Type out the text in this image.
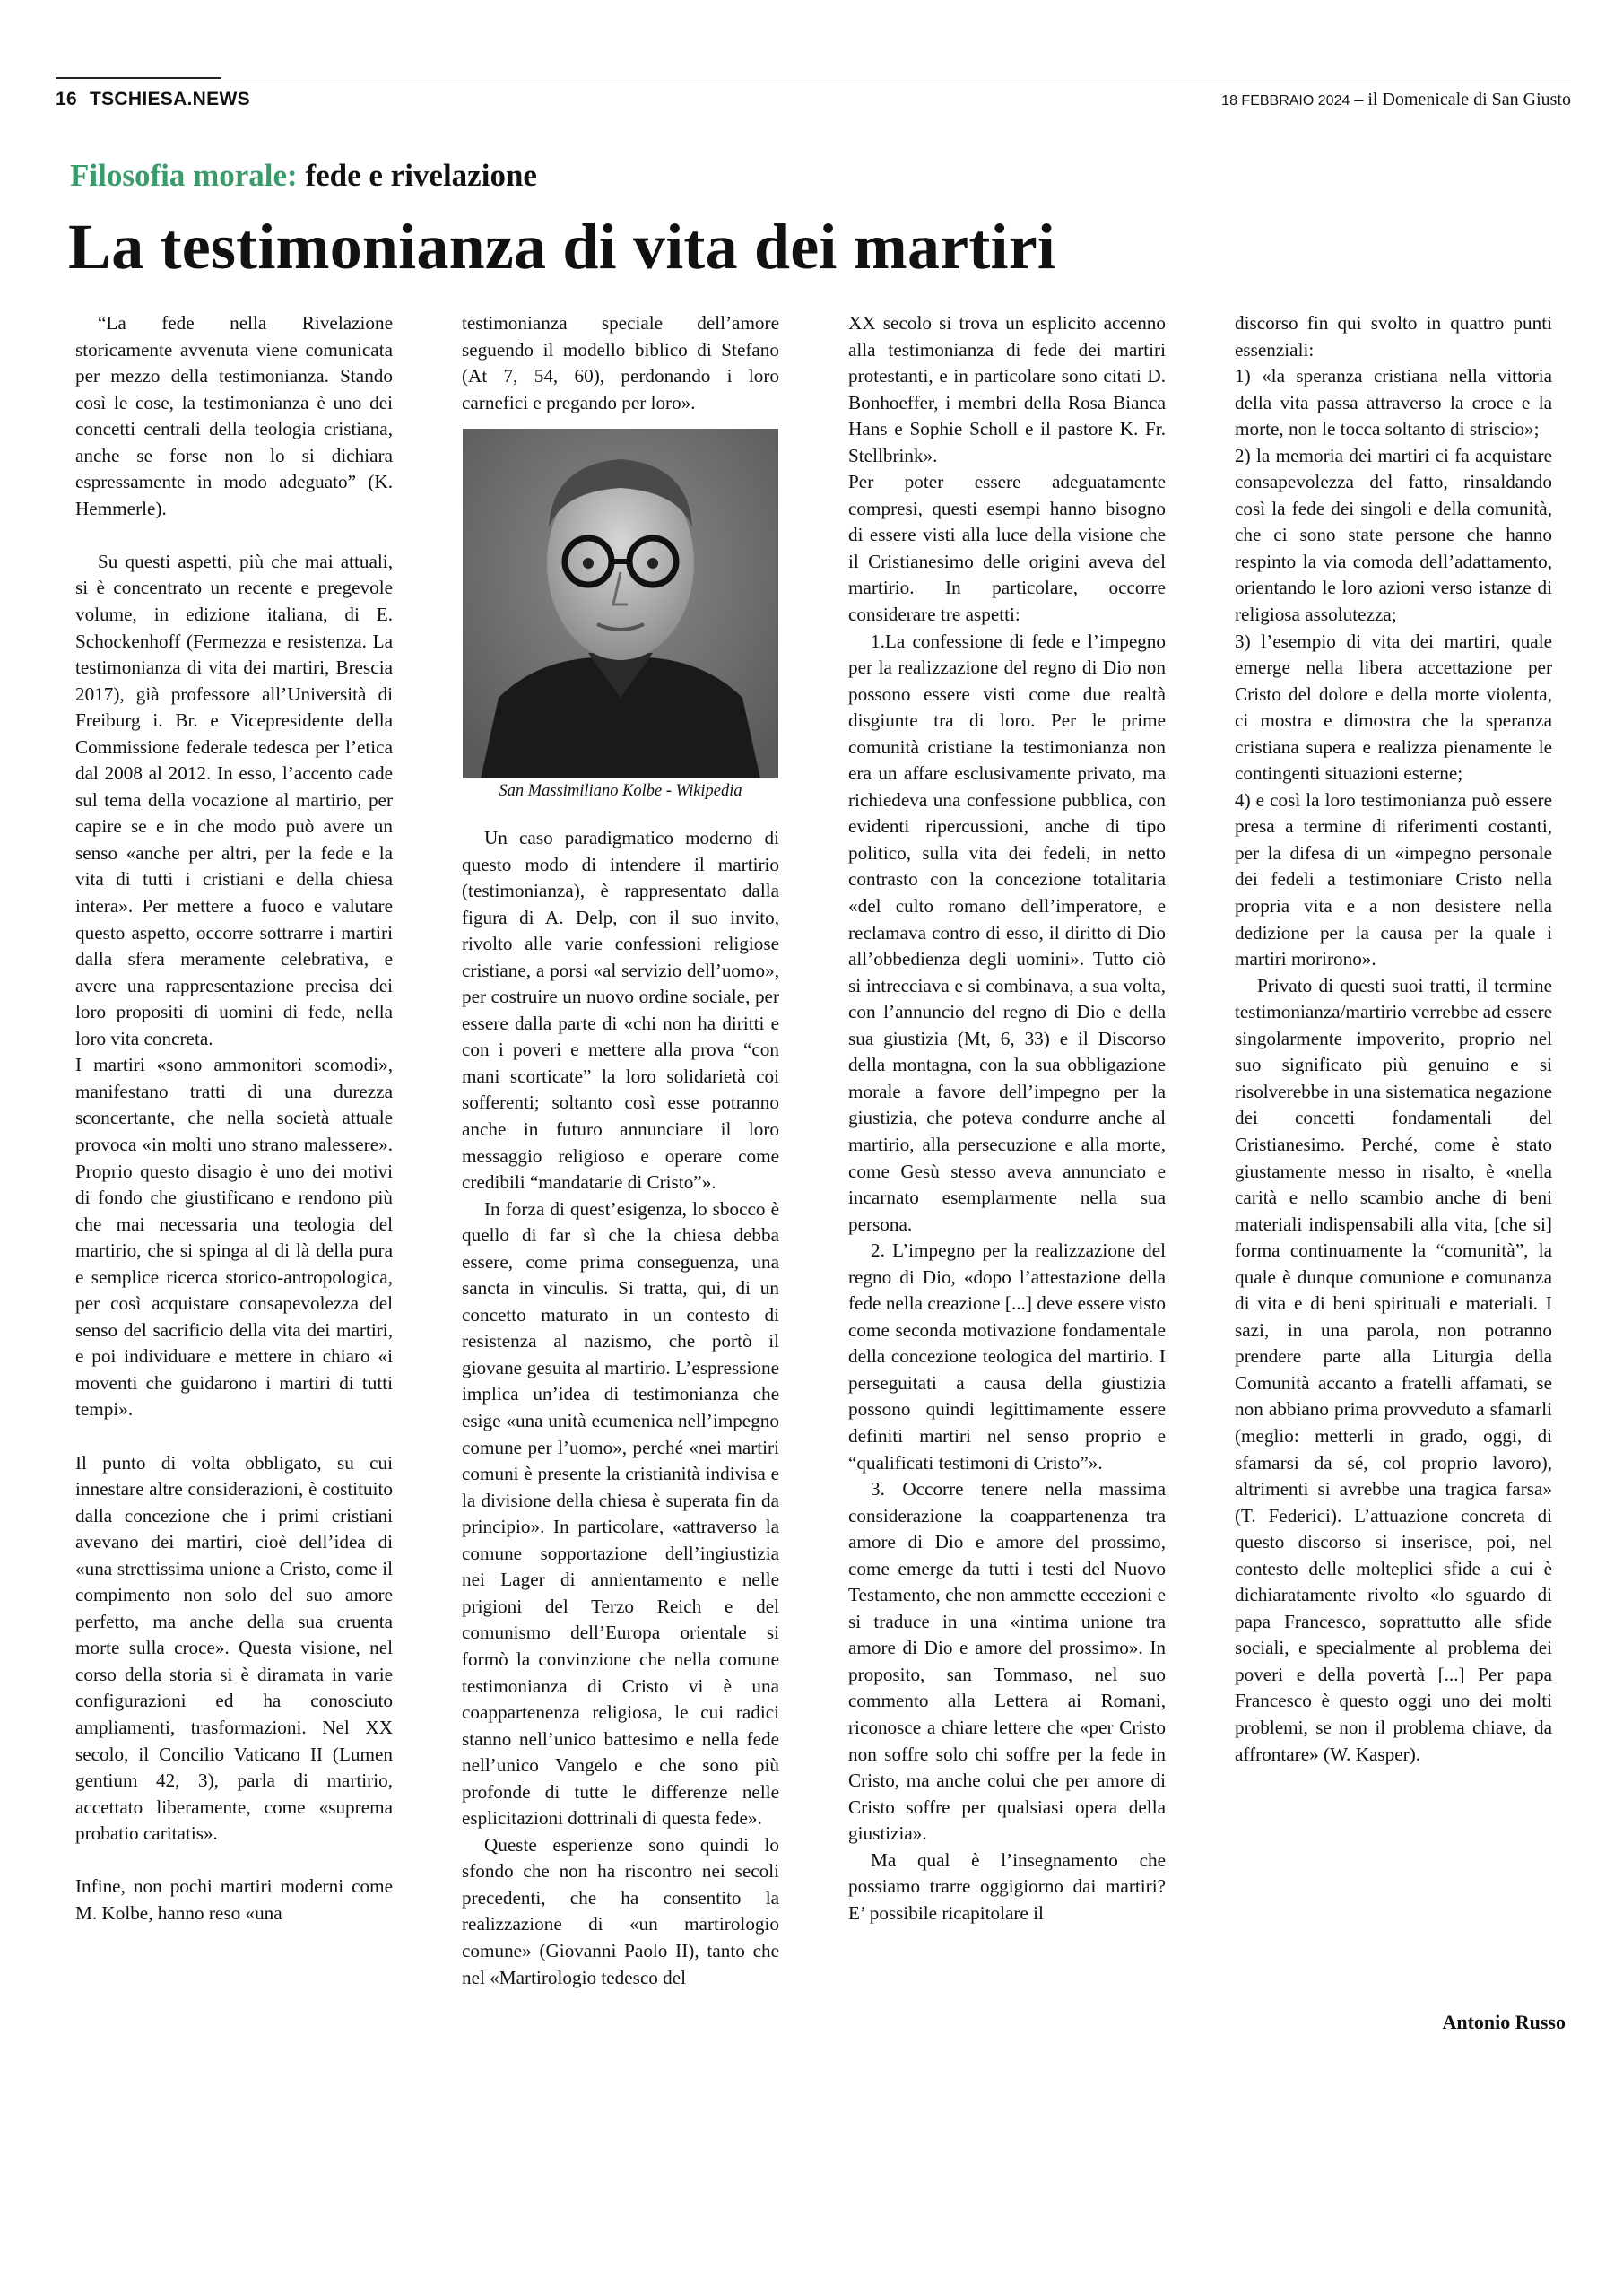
16 TSCHIESA.NEWS	18 FEBBRAIO 2024 – il Domenicale di San Giusto
Filosofia morale: fede e rivelazione
La testimonianza di vita dei martiri

“La fede nella Rivelazione storicamente avvenuta viene comunicata per mezzo della testimonianza. Stando così le cose, la testimonianza è uno dei concetti centrali della teologia cristiana, anche se forse non lo si dichiara espressamente in modo adeguato” (K. Hemmerle).

Su questi aspetti, più che mai attuali, si è concentrato un recente e pregevole volume, in edizione italiana, di E. Schockenhoff (Fermezza e resistenza. La testimonianza di vita dei martiri, Brescia 2017), già professore all’Università di Freiburg i. Br. e Vicepresidente della Commissione federale tedesca per l’etica dal 2008 al 2012. In esso, l’accento cade sul tema della vocazione al martirio, per capire se e in che modo può avere un senso «anche per altri, per la fede e la vita di tutti i cristiani e della chiesa intera». Per mettere a fuoco e valutare questo aspetto, occorre sottrarre i martiri dalla sfera meramente celebrativa, e avere una rappresentazione precisa dei loro propositi di uomini di fede, nella loro vita concreta.

I martiri «sono ammonitori scomodi», manifestano tratti di una durezza sconcertante, che nella società attuale provoca «in molti uno strano malessere». Proprio questo disagio è uno dei motivi di fondo che giustificano e rendono più che mai necessaria una teologia del martirio, che si spinga al di là della pura e semplice ricerca storico-antropologica, per così acquistare consapevolezza del senso del sacrificio della vita dei martiri, e poi individuare e mettere in chiaro «i moventi che guidarono i martiri di tutti tempi».

Il punto di volta obbligato, su cui innestare altre considerazioni, è costituito dalla concezione che i primi cristiani avevano dei martiri, cioè dell’idea di «una strettissima unione a Cristo, come il compimento non solo del suo amore perfetto, ma anche della sua cruenta morte sulla croce». Questa visione, nel corso della storia si è diramata in varie configurazioni ed ha conosciuto ampliamenti, trasformazioni. Nel XX secolo, il Concilio Vaticano II (Lumen gentium 42, 3), parla di martirio, accettato liberamente, come «suprema probatio caritatis».

Infine, non pochi martiri moderni come M. Kolbe, hanno reso «una

testimonianza speciale dell’amore seguendo il modello biblico di Stefano (At 7, 54, 60), perdonando i loro carnefici e pregando per loro».

San Massimiliano Kolbe - Wikipedia

Un caso paradigmatico moderno di questo modo di intendere il martirio (testimonianza), è rappresentato dalla figura di A. Delp, con il suo invito, rivolto alle varie confessioni religiose cristiane, a porsi «al servizio dell’uomo», per costruire un nuovo ordine sociale, per essere dalla parte di «chi non ha diritti e con i poveri e mettere alla prova “con mani scorticate” la loro solidarietà coi sofferenti; soltanto così esse potranno anche in futuro annunciare il loro messaggio religioso e operare come credibili “mandatarie di Cristo”».

In forza di quest’esigenza, lo sbocco è quello di far sì che la chiesa debba essere, come prima conseguenza, una sancta in vinculis. Si tratta, qui, di un concetto maturato in un contesto di resistenza al nazismo, che portò il giovane gesuita al martirio. L’espressione implica un’idea di testimonianza che esige «una unità ecumenica nell’impegno comune per l’uomo», perché «nei martiri comuni è presente la cristianità indivisa e la divisione della chiesa è superata fin da principio». In particolare, «attraverso la comune sopportazione dell’ingiustizia nei Lager di annientamento e nelle prigioni del Terzo Reich e del comunismo dell’Europa orientale si formò la convinzione che nella comune testimonianza di Cristo vi è una coappartenenza religiosa, le cui radici stanno nell’unico battesimo e nella fede nell’unico Vangelo e che sono più profonde di tutte le differenze nelle esplicitazioni dottrinali di questa fede».

Queste esperienze sono quindi lo sfondo che non ha riscontro nei secoli precedenti, che ha consentito la realizzazione di «un martirologio comune» (Giovanni Paolo II), tanto che nel «Martirologio tedesco del

XX secolo si trova un esplicito accenno alla testimonianza di fede dei martiri protestanti, e in particolare sono citati D. Bonhoeffer, i membri della Rosa Bianca Hans e Sophie Scholl e il pastore K. Fr. Stellbrink».

Per poter essere adeguatamente compresi, questi esempi hanno bisogno di essere visti alla luce della visione che il Cristianesimo delle origini aveva del martirio. In particolare, occorre considerare tre aspetti:

1.La confessione di fede e l’impegno per la realizzazione del regno di Dio non possono essere visti come due realtà disgiunte tra di loro. Per le prime comunità cristiane la testimonianza non era un affare esclusivamente privato, ma richiedeva una confessione pubblica, con evidenti ripercussioni, anche di tipo politico, sulla vita dei fedeli, in netto contrasto con la concezione totalitaria «del culto romano dell’imperatore, e reclamava contro di esso, il diritto di Dio all’obbedienza degli uomini». Tutto ciò si intrecciava e si combinava, a sua volta, con l’annuncio del regno di Dio e della sua giustizia (Mt, 6, 33) e il Discorso della montagna, con la sua obbligazione morale a favore dell’impegno per la giustizia, che poteva condurre anche al martirio, alla persecuzione e alla morte, come Gesù stesso aveva annunciato e incarnato esemplarmente nella sua persona.

2. L’impegno per la realizzazione del regno di Dio, «dopo l’attestazione della fede nella creazione [...] deve essere visto come seconda motivazione fondamentale della concezione teologica del martirio. I perseguitati a causa della giustizia possono quindi legittimamente essere definiti martiri nel senso proprio e “qualificati testimoni di Cristo”».

3. Occorre tenere nella massima considerazione la coappartenenza tra amore di Dio e amore del prossimo, come emerge da tutti i testi del Nuovo Testamento, che non ammette eccezioni e si traduce in una «intima unione tra amore di Dio e amore del prossimo». In proposito, san Tommaso, nel suo commento alla Lettera ai Romani, riconosce a chiare lettere che «per Cristo non soffre solo chi soffre per la fede in Cristo, ma anche colui che per amore di Cristo soffre per qualsiasi opera della giustizia».

Ma qual è l’insegnamento che possiamo trarre oggigiorno dai martiri? E’ possibile ricapitolare il

discorso fin qui svolto in quattro punti essenziali:

1) «la speranza cristiana nella vittoria della vita passa attraverso la croce e la morte, non le tocca soltanto di striscio»;

2) la memoria dei martiri ci fa acquistare consapevolezza del fatto, rinsaldando così la fede dei singoli e della comunità, che ci sono state persone che hanno respinto la via comoda dell’adattamento, orientando le loro azioni verso istanze di religiosa assolutezza;

3) l’esempio di vita dei martiri, quale emerge nella libera accettazione per Cristo del dolore e della morte violenta, ci mostra e dimostra che la speranza cristiana supera e realizza pienamente le contingenti situazioni esterne;

4) e così la loro testimonianza può essere presa a termine di riferimenti costanti, per la difesa di un «impegno personale dei fedeli a testimoniare Cristo nella propria vita e a non desistere nella dedizione per la causa per la quale i martiri morirono».

Privato di questi suoi tratti, il termine testimonianza/martirio verrebbe ad essere singolarmente impoverito, proprio nel suo significato più genuino e si risolverebbe in una sistematica negazione dei concetti fondamentali del Cristianesimo. Perché, come è stato giustamente messo in risalto, è «nella carità e nello scambio anche di beni materiali indispensabili alla vita, [che si] forma continuamente la “comunità”, la quale è dunque comunione e comunanza di vita e di beni spirituali e materiali. I sazi, in una parola, non potranno prendere parte alla Liturgia della Comunità accanto a fratelli affamati, se non abbiano prima provveduto a sfamarli (meglio: metterli in grado, oggi, di sfamarsi da sé, col proprio lavoro), altrimenti si avrebbe una tragica farsa» (T. Federici). L’attuazione concreta di questo discorso si inserisce, poi, nel contesto delle molteplici sfide a cui è dichiaratamente rivolto «lo sguardo di papa Francesco, soprattutto alle sfide sociali, e specialmente al problema dei poveri e della povertà [...] Per papa Francesco è questo oggi uno dei molti problemi, se non il problema chiave, da affrontare» (W. Kasper).

Antonio Russo
